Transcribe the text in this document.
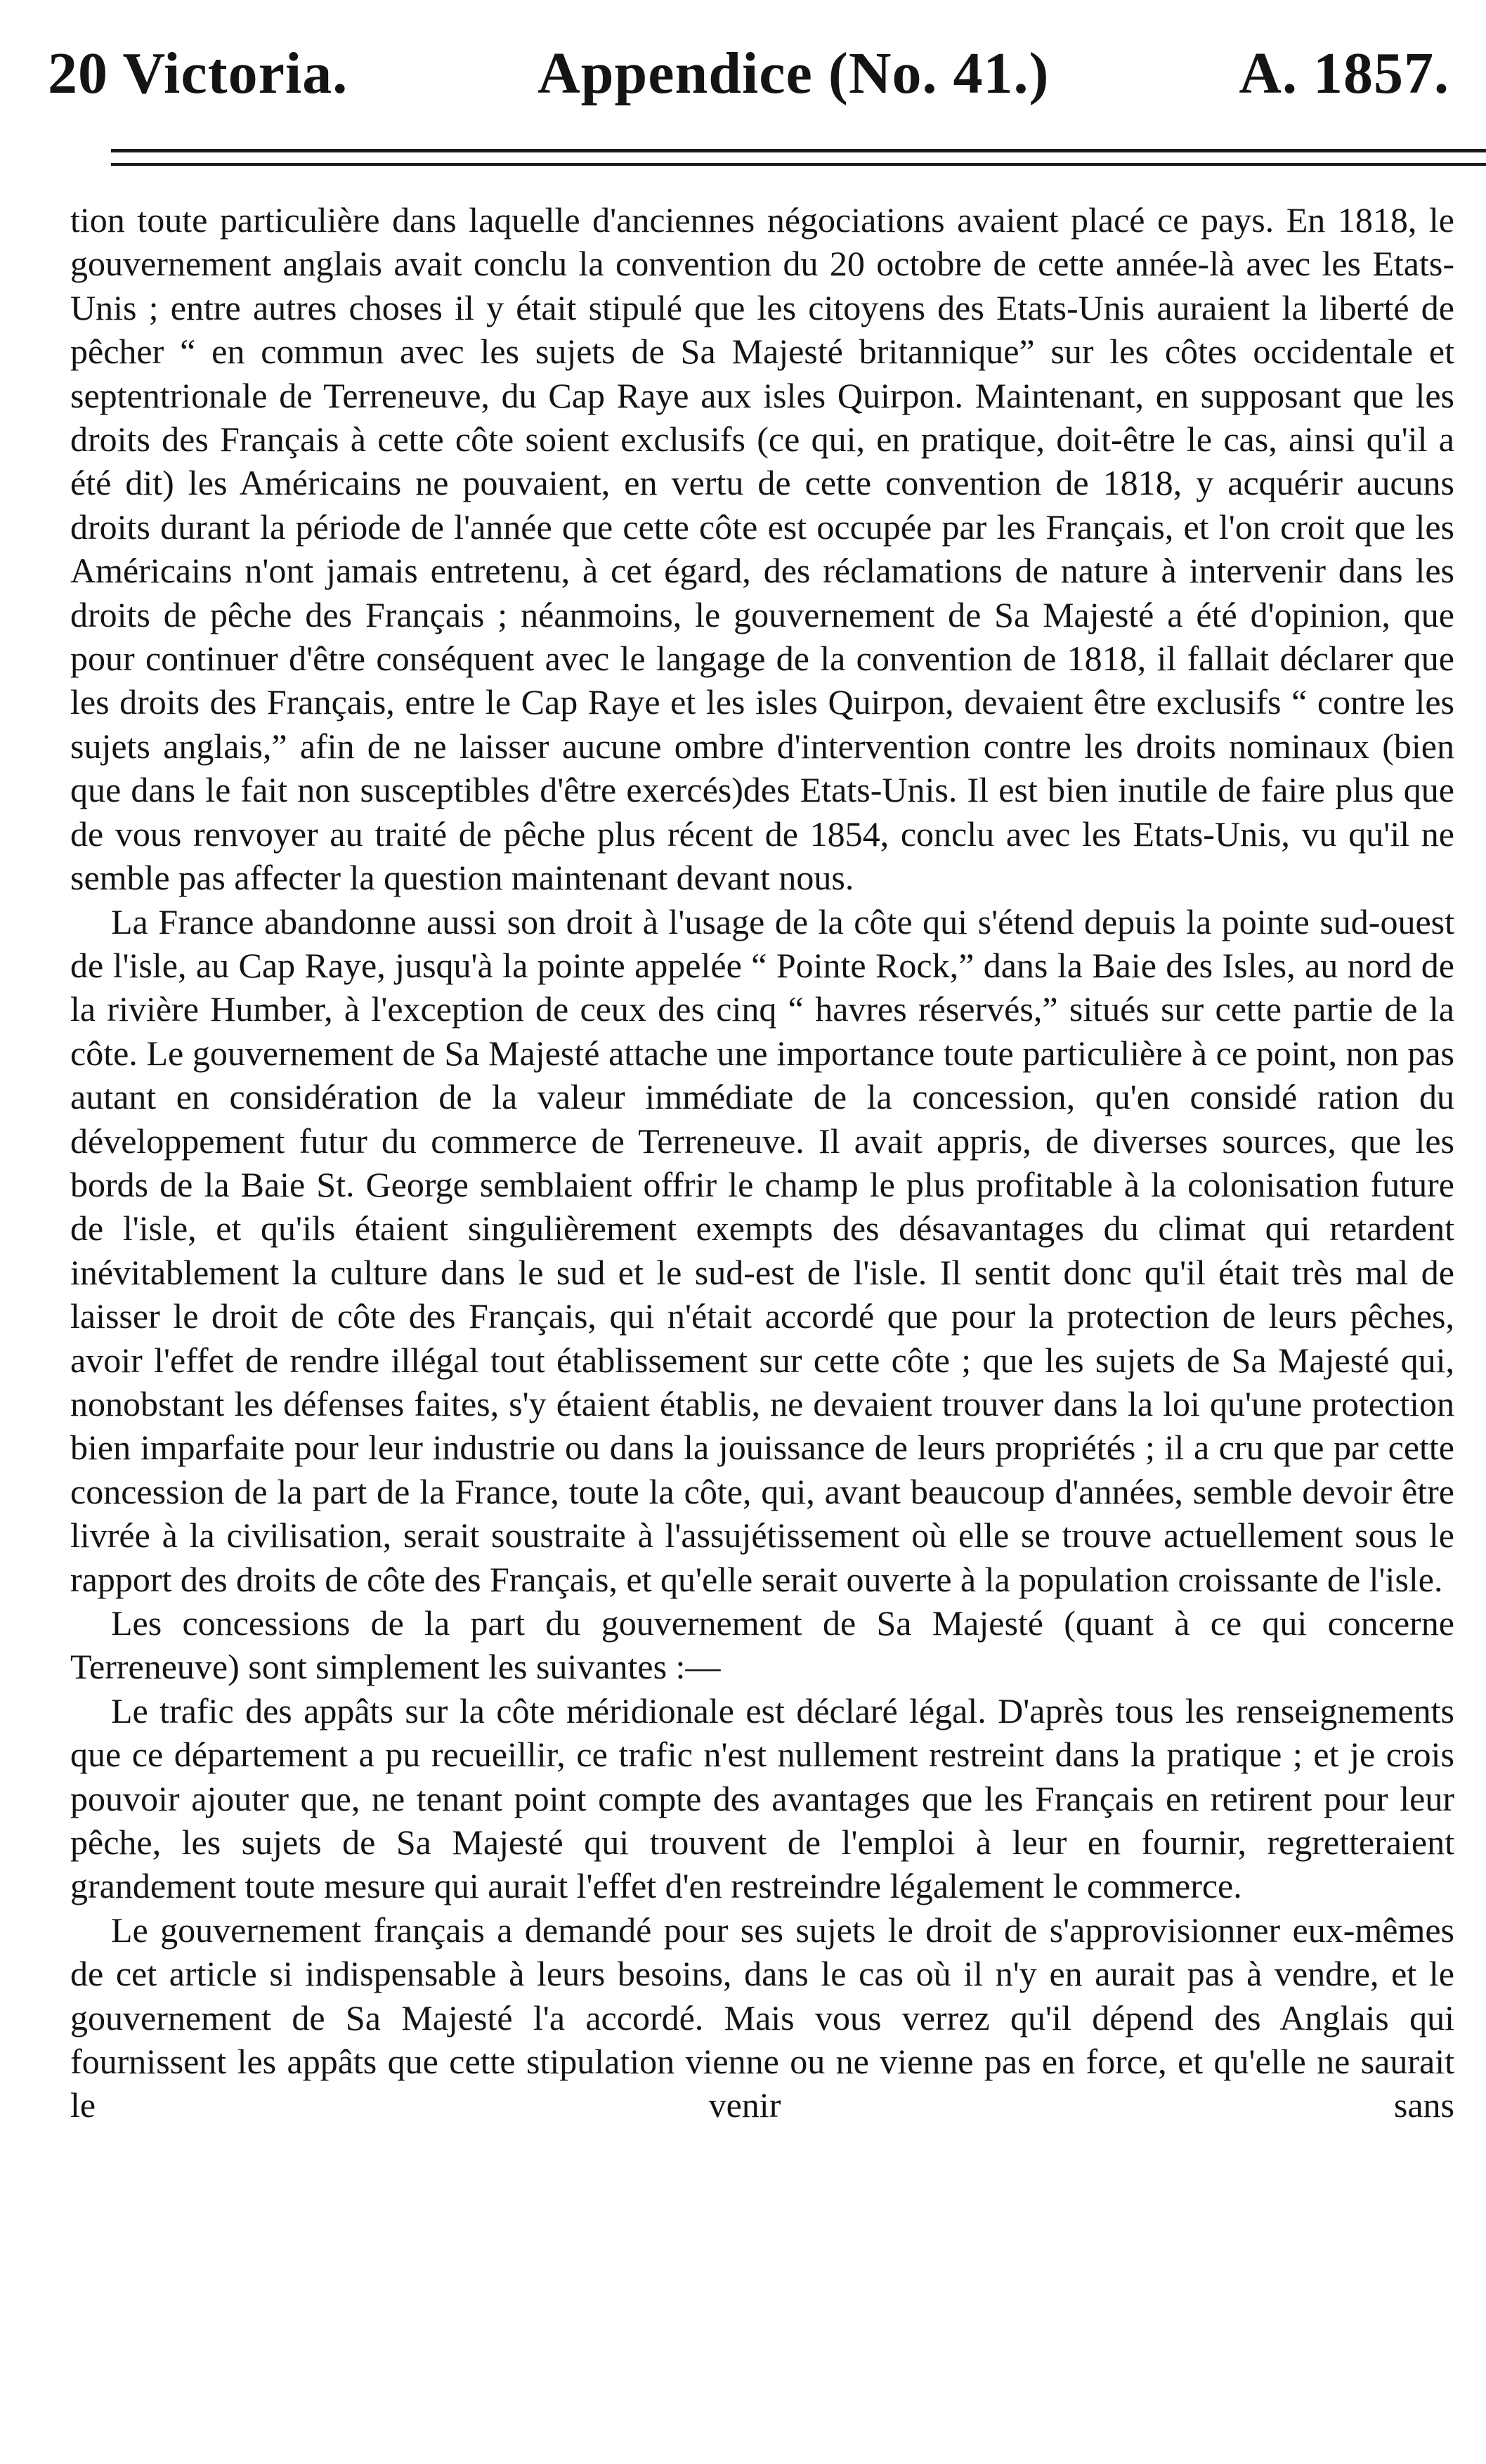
20 Victoria.	Appendice (No. 41.)	A. 1857.

tion toute particulière dans laquelle d'anciennes négociations avaient placé ce pays. En 1818, le gouvernement anglais avait conclu la convention du 20 octobre de cette année-là avec les Etats-Unis ; entre autres choses il y était stipulé que les citoyens des Etats-Unis auraient la liberté de pêcher “ en commun avec les sujets de Sa Majesté britannique” sur les côtes occidentale et septentrionale de Terreneuve, du Cap Raye aux isles Quirpon. Maintenant, en supposant que les droits des Français à cette côte soient exclusifs (ce qui, en pratique, doit-être le cas, ainsi qu'il a été dit) les Américains ne pouvaient, en vertu de cette convention de 1818, y acquérir aucuns droits durant la période de l'année que cette côte est occupée par les Français, et l'on croit que les Américains n'ont jamais entretenu, à cet égard, des réclamations de nature à intervenir dans les droits de pêche des Français ; néanmoins, le gouvernement de Sa Majesté a été d'opinion, que pour continuer d'être conséquent avec le langage de la convention de 1818, il fallait déclarer que les droits des Français, entre le Cap Raye et les isles Quirpon, devaient être exclusifs “ contre les sujets anglais,” afin de ne laisser aucune ombre d'intervention contre les droits nominaux (bien que dans le fait non susceptibles d'être exercés)des Etats-Unis. Il est bien inutile de faire plus que de vous renvoyer au traité de pêche plus récent de 1854, conclu avec les Etats-Unis, vu qu'il ne semble pas affecter la question maintenant devant nous.

La France abandonne aussi son droit à l'usage de la côte qui s'étend depuis la pointe sud-ouest de l'isle, au Cap Raye, jusqu'à la pointe appelée “ Pointe Rock,” dans la Baie des Isles, au nord de la rivière Humber, à l'exception de ceux des cinq “ havres réservés,” situés sur cette partie de la côte. Le gouvernement de Sa Majesté attache une importance toute particulière à ce point, non pas autant en considération de la valeur immédiate de la concession, qu'en considé ration du développement futur du commerce de Terreneuve. Il avait appris, de diverses sources, que les bords de la Baie St. George semblaient offrir le champ le plus profitable à la colonisation future de l'isle, et qu'ils étaient singulièrement exempts des désavantages du climat qui retardent inévitablement la culture dans le sud et le sud-est de l'isle. Il sentit donc qu'il était très mal de laisser le droit de côte des Français, qui n'était accordé que pour la protection de leurs pêches, avoir l'effet de rendre illégal tout établissement sur cette côte ; que les sujets de Sa Majesté qui, nonobstant les défenses faites, s'y étaient établis, ne devaient trouver dans la loi qu'une protection bien imparfaite pour leur industrie ou dans la jouissance de leurs propriétés ; il a cru que par cette concession de la part de la France, toute la côte, qui, avant beaucoup d'années, semble devoir être livrée à la civilisation, serait soustraite à l'assujétissement où elle se trouve actuellement sous le rapport des droits de côte des Français, et qu'elle serait ouverte à la population croissante de l'isle.

Les concessions de la part du gouvernement de Sa Majesté (quant à ce qui concerne Terreneuve) sont simplement les suivantes :—

Le trafic des appâts sur la côte méridionale est déclaré légal. D'après tous les renseignements que ce département a pu recueillir, ce trafic n'est nullement restreint dans la pratique ; et je crois pouvoir ajouter que, ne tenant point compte des avantages que les Français en retirent pour leur pêche, les sujets de Sa Majesté qui trouvent de l'emploi à leur en fournir, regretteraient grandement toute mesure qui aurait l'effet d'en restreindre légalement le commerce.

Le gouvernement français a demandé pour ses sujets le droit de s'approvisionner eux-mêmes de cet article si indispensable à leurs besoins, dans le cas où il n'y en aurait pas à vendre, et le gouvernement de Sa Majesté l'a accordé. Mais vous verrez qu'il dépend des Anglais qui fournissent les appâts que cette stipulation vienne ou ne vienne pas en force, et qu'elle ne saurait le venir sans
